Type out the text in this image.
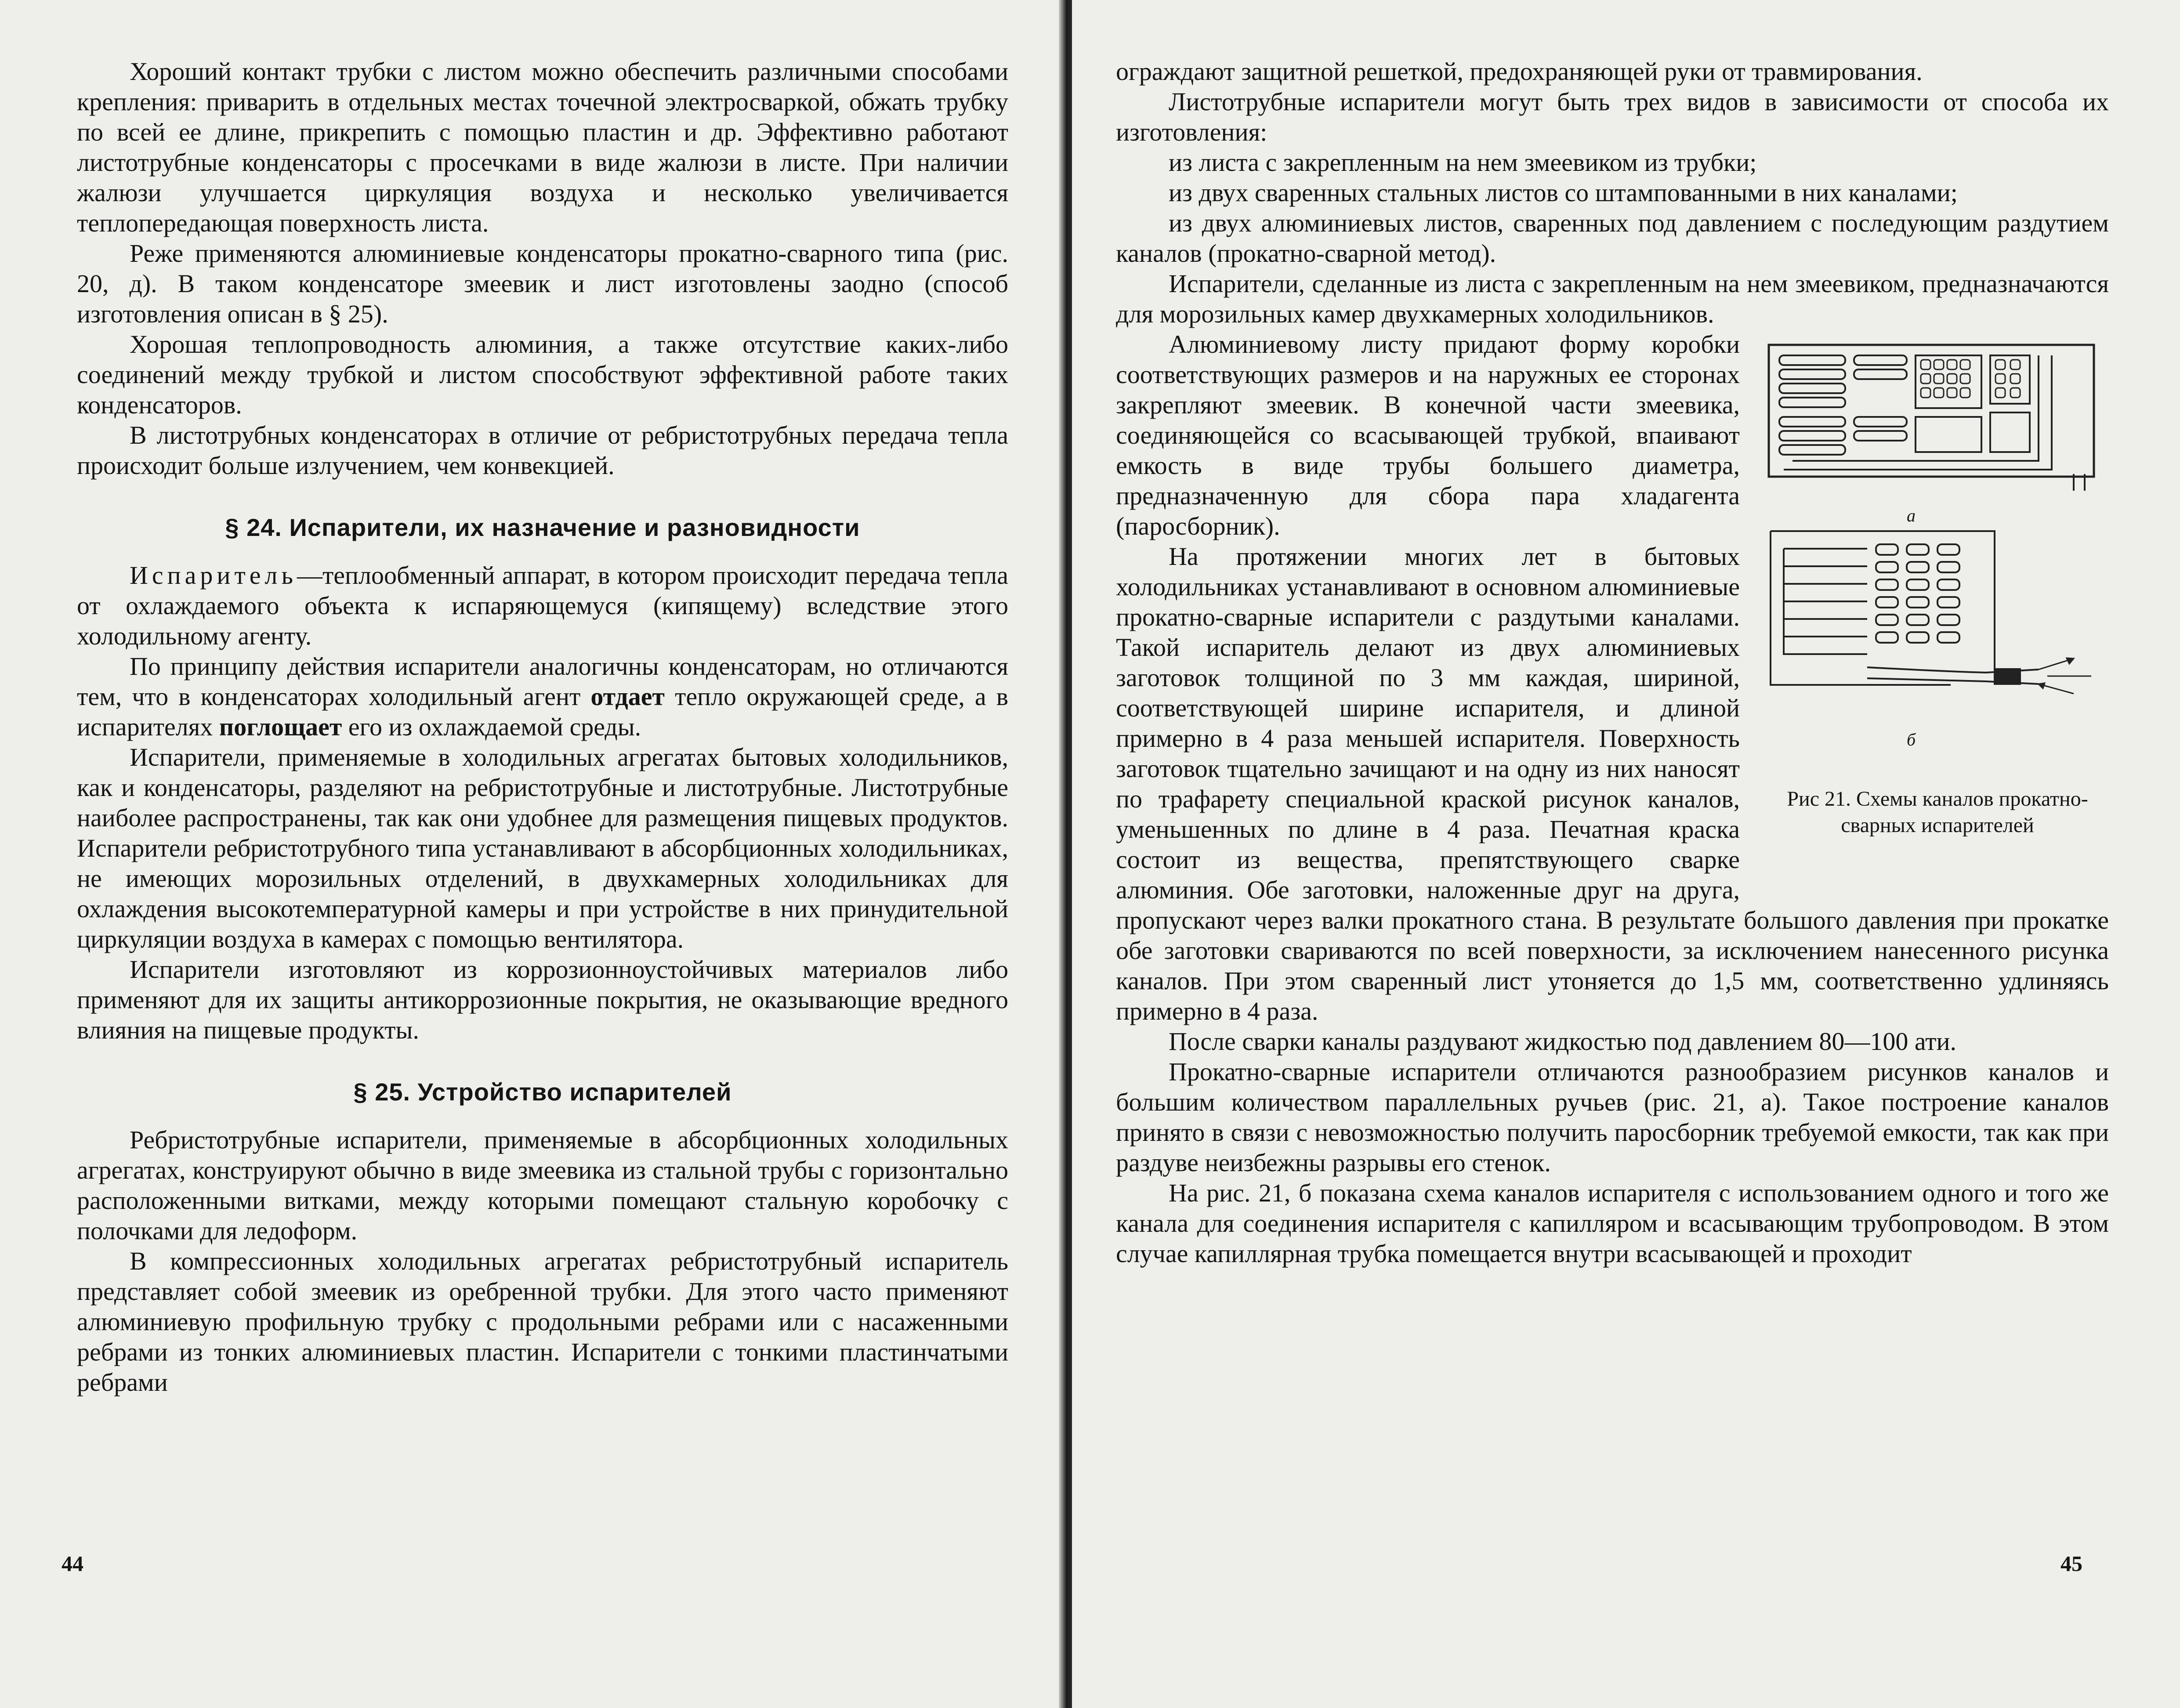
Хороший контакт трубки с листом можно обеспечить различными способами крепления: приварить в отдельных местах точечной электросваркой, обжать трубку по всей ее длине, прикрепить с помощью пластин и др. Эффективно работают листотрубные конденсаторы с просечками в виде жалюзи в листе. При наличии жалюзи улучшается циркуляция воздуха и несколько увеличивается теплопередающая поверхность листа.

Реже применяются алюминиевые конденсаторы прокатно-сварного типа (рис. 20, д). В таком конденсаторе змеевик и лист изготовлены заодно (способ изготовления описан в § 25).

Хорошая теплопроводность алюминия, а также отсутствие каких-либо соединений между трубкой и листом способствуют эффективной работе таких конденсаторов.

В листотрубных конденсаторах в отличие от ребристотрубных передача тепла происходит больше излучением, чем конвекцией.

§ 24. Испарители, их назначение и разновидности

Испаритель—теплообменный аппарат, в котором происходит передача тепла от охлаждаемого объекта к испаряющемуся (кипящему) вследствие этого холодильному агенту.

По принципу действия испарители аналогичны конденсаторам, но отличаются тем, что в конденсаторах холодильный агент отдает тепло окружающей среде, а в испарителях поглощает его из охлаждаемой среды.

Испарители, применяемые в холодильных агрегатах бытовых холодильников, как и конденсаторы, разделяют на ребристотрубные и листотрубные. Листотрубные наиболее распространены, так как они удобнее для размещения пищевых продуктов. Испарители ребристотрубного типа устанавливают в абсорбционных холодильниках, не имеющих морозильных отделений, в двухкамерных холодильниках для охлаждения высокотемпературной камеры и при устройстве в них принудительной циркуляции воздуха в камерах с помощью вентилятора.

Испарители изготовляют из коррозионноустойчивых материалов либо применяют для их защиты антикоррозионные покрытия, не оказывающие вредного влияния на пищевые продукты.

§ 25. Устройство испарителей

Ребристотрубные испарители, применяемые в абсорбционных холодильных агрегатах, конструируют обычно в виде змеевика из стальной трубы с горизонтально расположенными витками, между которыми помещают стальную коробочку с полочками для ледоформ.

В компрессионных холодильных агрегатах ребристотрубный испаритель представляет собой змеевик из оребренной трубки. Для этого часто применяют алюминиевую профильную трубку с продольными ребрами или с насаженными ребрами из тонких алюминиевых пластин. Испарители с тонкими пластинчатыми ребрами

44

ограждают защитной решеткой, предохраняющей руки от травмирования.

Листотрубные испарители могут быть трех видов в зависимости от способа их изготовления:

из листа с закрепленным на нем змеевиком из трубки;

из двух сваренных стальных листов со штампованными в них каналами;

из двух алюминиевых листов, сваренных под давлением с последующим раздутием каналов (прокатно-сварной метод).

Испарители, сделанные из листа с закрепленным на нем змеевиком, предназначаются для морозильных камер двухкамерных холодильников.

а
б
Рис 21. Схемы каналов прокатно-сварных испарителей

Алюминиевому листу придают форму коробки соответствующих размеров и на наружных ее сторонах закрепляют змеевик. В конечной части змеевика, соединяющейся со всасывающей трубкой, впаивают емкость в виде трубы большего диаметра, предназначенную для сбора пара хладагента (паросборник).

На протяжении многих лет в бытовых холодильниках устанавливают в основном алюминиевые прокатно-сварные испарители с раздутыми каналами. Такой испаритель делают из двух алюминиевых заготовок толщиной по 3 мм каждая, шириной, соответствующей ширине испарителя, и длиной примерно в 4 раза меньшей испарителя. Поверхность заготовок тщательно зачищают и на одну из них наносят по трафарету специальной краской рисунок каналов, уменьшенных по длине в 4 раза. Печатная краска состоит из вещества, препятствующего сварке алюминия. Обе заготовки, наложенные друг на друга, пропускают через валки прокатного стана. В результате большого давления при прокатке обе заготовки свариваются по всей поверхности, за исключением нанесенного рисунка каналов. При этом сваренный лист утоняется до 1,5 мм, соответственно удлиняясь примерно в 4 раза.

После сварки каналы раздувают жидкостью под давлением 80—100 ати.

Прокатно-сварные испарители отличаются разнообразием рисунков каналов и большим количеством параллельных ручьев (рис. 21, а). Такое построение каналов принято в связи с невозможностью получить паросборник требуемой емкости, так как при раздуве неизбежны разрывы его стенок.

На рис. 21, б показана схема каналов испарителя с использованием одного и того же канала для соединения испарителя с капилляром и всасывающим трубопроводом. В этом случае капиллярная трубка помещается внутри всасывающей и проходит

45
